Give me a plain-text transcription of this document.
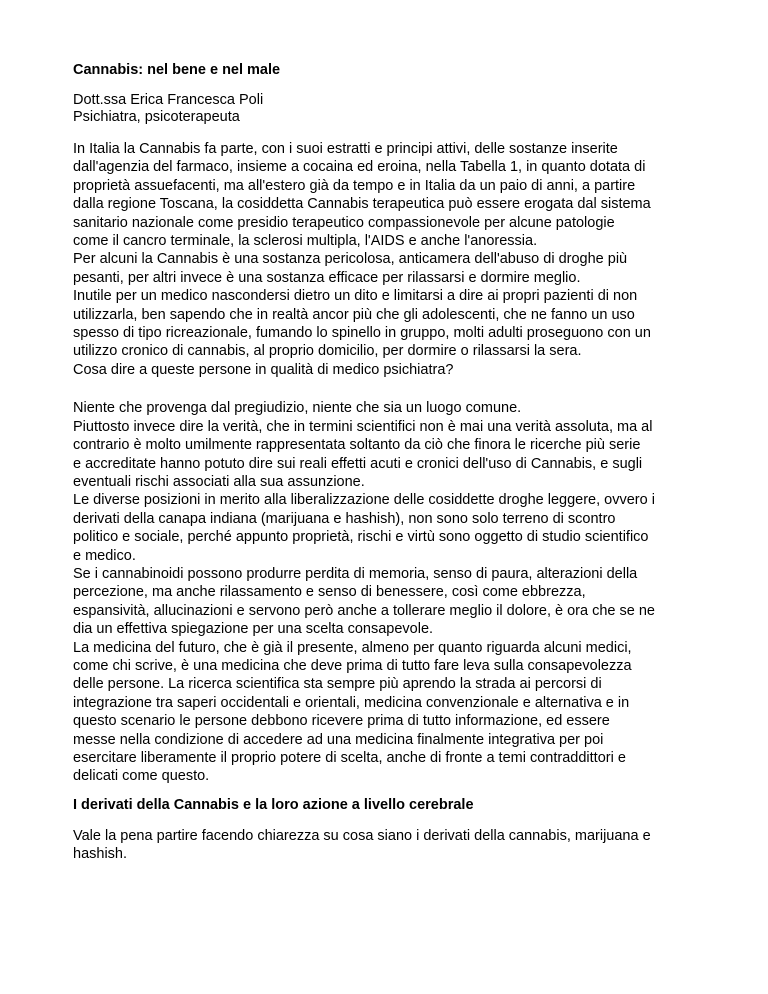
Cannabis: nel bene e nel male
Dott.ssa Erica Francesca Poli
Psichiatra, psicoterapeuta
In Italia la Cannabis fa parte, con i suoi estratti e principi attivi, delle sostanze inserite
dall'agenzia del farmaco, insieme a cocaina ed eroina, nella Tabella 1, in quanto dotata di
proprietà assuefacenti, ma all'estero già da tempo e in Italia da un paio di anni, a partire
dalla regione Toscana, la cosiddetta Cannabis terapeutica può essere erogata dal sistema
sanitario nazionale come presidio terapeutico compassionevole per alcune patologie
come il cancro terminale, la sclerosi multipla, l'AIDS e anche l'anoressia.
Per alcuni la Cannabis è una sostanza pericolosa, anticamera dell'abuso di droghe più
pesanti, per altri invece è una sostanza efficace per rilassarsi e dormire meglio.
Inutile per un medico nascondersi dietro un dito e limitarsi a dire ai propri pazienti di non
utilizzarla, ben sapendo che in realtà ancor più che gli adolescenti, che ne fanno un uso
spesso di tipo ricreazionale, fumando lo spinello in gruppo, molti adulti proseguono con un
utilizzo cronico di cannabis, al proprio domicilio, per dormire o rilassarsi la sera.
Cosa dire a queste persone in qualità di medico psichiatra?
Niente che provenga dal pregiudizio, niente che sia un luogo comune.
Piuttosto invece dire la verità, che in termini scientifici non è mai una verità assoluta, ma al
contrario è molto umilmente rappresentata soltanto da ciò che finora le ricerche più serie
e accreditate hanno potuto dire sui reali effetti acuti e cronici dell'uso di Cannabis, e sugli
eventuali rischi associati alla sua assunzione.
Le diverse posizioni in merito alla liberalizzazione delle cosiddette droghe leggere, ovvero i
derivati della canapa indiana (marijuana e hashish), non sono solo terreno di scontro
politico e sociale, perché appunto proprietà, rischi e virtù sono oggetto di studio scientifico
e medico.
Se i cannabinoidi possono produrre perdita di memoria, senso di paura, alterazioni della
percezione, ma anche rilassamento e senso di benessere, così come ebbrezza,
espansività, allucinazioni e servono però anche a tollerare meglio il dolore, è ora che se ne
dia un effettiva spiegazione per una scelta consapevole.
La medicina del futuro, che è già il presente, almeno per quanto riguarda alcuni medici,
come chi scrive, è una medicina che deve prima di tutto fare leva sulla consapevolezza
delle persone. La ricerca scientifica sta sempre più aprendo la strada ai percorsi di
integrazione tra saperi occidentali e orientali, medicina convenzionale e alternativa e in
questo scenario le persone debbono ricevere prima di tutto informazione, ed essere
messe nella condizione di accedere ad una medicina finalmente integrativa per poi
esercitare liberamente il proprio potere di scelta, anche di fronte a temi contraddittori e
delicati come questo.
I derivati della Cannabis e la loro azione a livello cerebrale
Vale la pena partire facendo chiarezza su cosa siano i derivati della cannabis, marijuana e
hashish.
